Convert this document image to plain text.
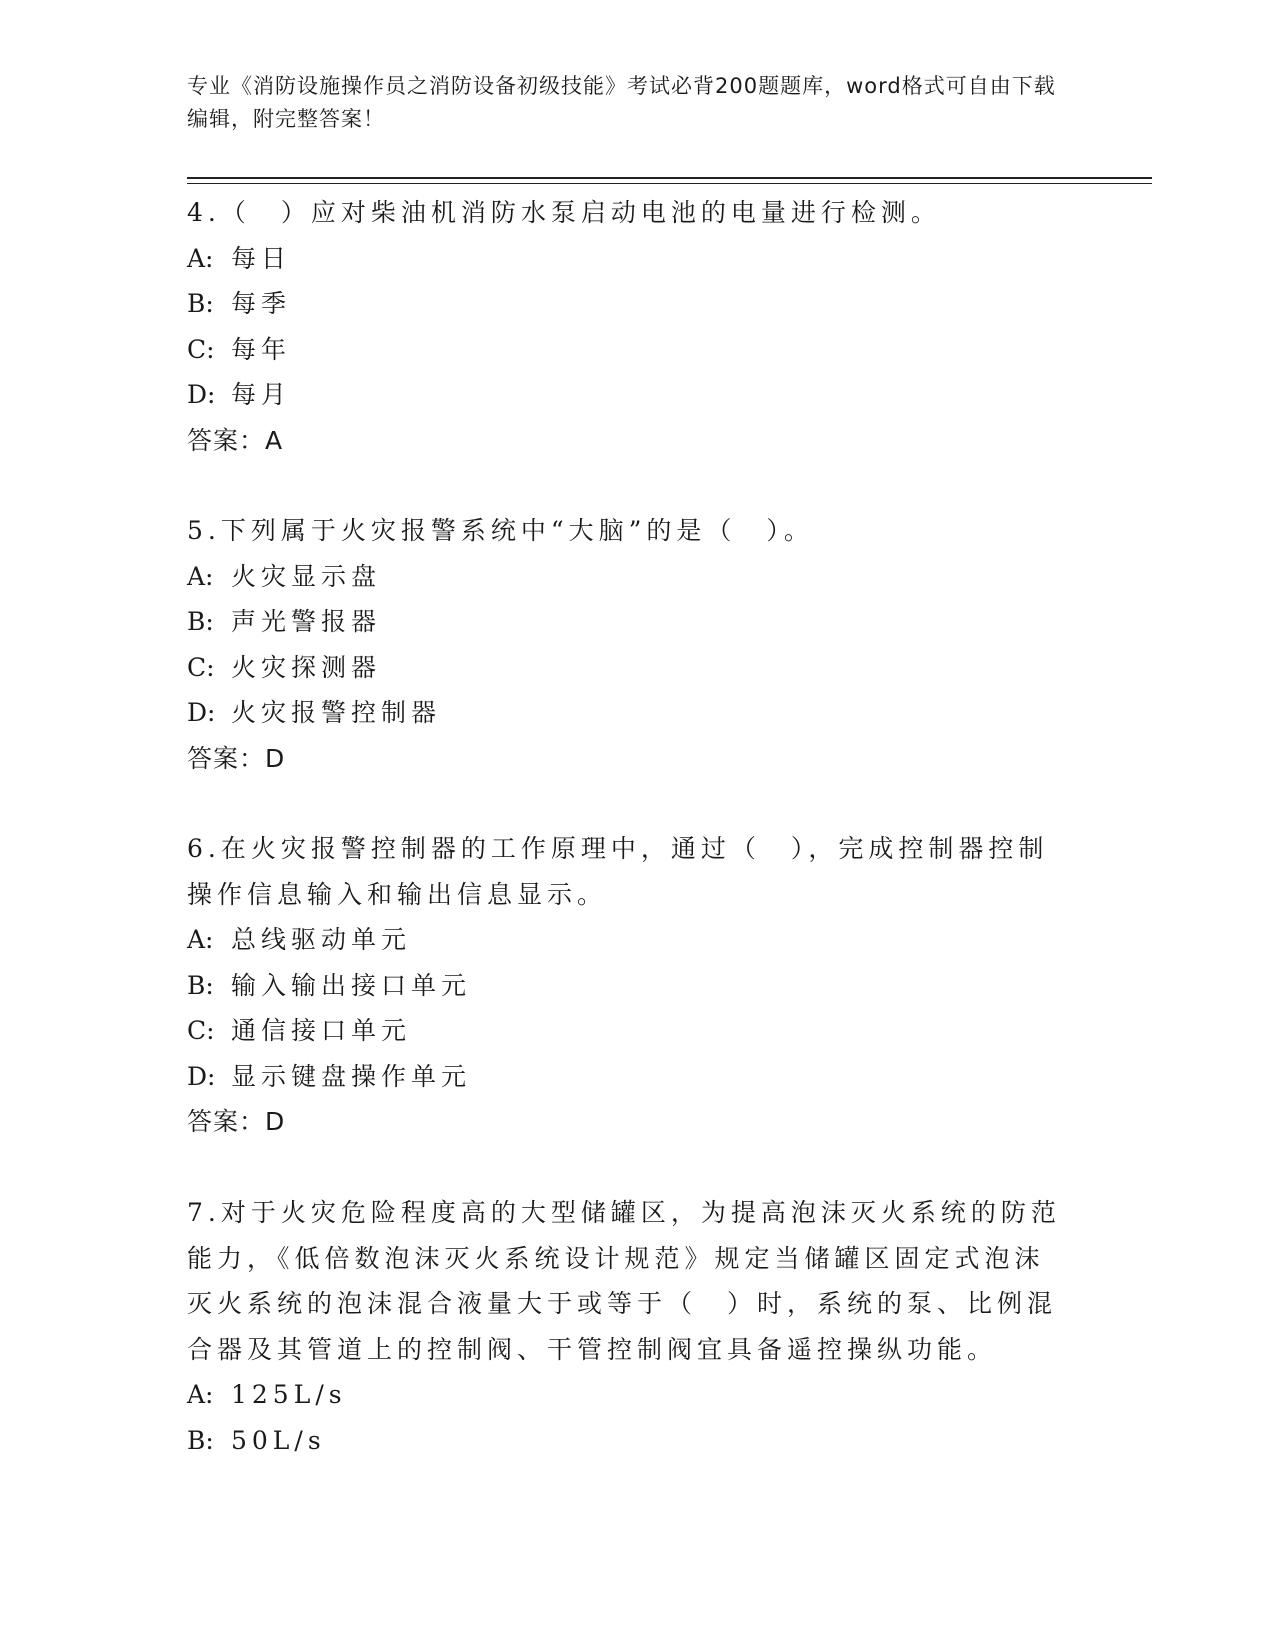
专业《消防设施操作员之消防设备初级技能》考试必背200题题库，word格式可自由下载编辑，附完整答案！

4.（　）应对柴油机消防水泵启动电池的电量进行检测。

A: 每日
B: 每季
C: 每年
D: 每月
答案：A

5.下列属于火灾报警系统中“大脑”的是（　）。

A: 火灾显示盘
B: 声光警报器
C: 火灾探测器
D: 火灾报警控制器
答案：D

6.在火灾报警控制器的工作原理中，通过（　），完成控制器控制操作信息输入和输出信息显示。

A: 总线驱动单元
B: 输入输出接口单元
C: 通信接口单元
D: 显示键盘操作单元
答案：D

7.对于火灾危险程度高的大型储罐区，为提高泡沫灭火系统的防范能力，《低倍数泡沫灭火系统设计规范》规定当储罐区固定式泡沫灭火系统的泡沫混合液量大于或等于（　）时，系统的泵、比例混合器及其管道上的控制阀、干管控制阀宜具备遥控操纵功能。

A: 125L/s
B: 50L/s
